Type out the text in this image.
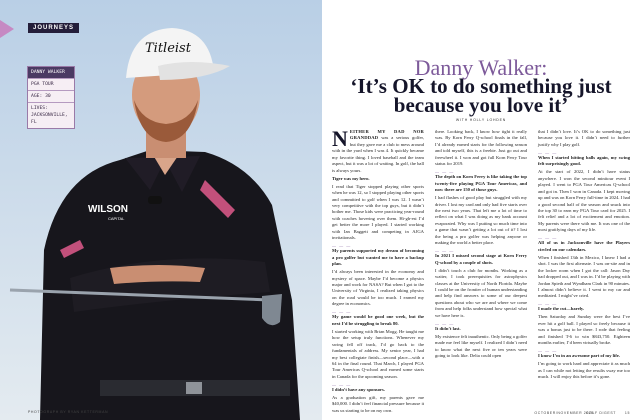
Titleist
WILSON
CAPITAL
JOURNEYS
DANNY WALKER
PGA TOUR
AGE: 30
LIVES: JACKSONVILLE, FL
PHOTOGRAPH BY RYAN KETTERMAN
Danny Walker:
‘It’s OK to do something just
because you love it’
WITH HOLLY LOHDEN

NEITHER MY DAD NOR GRANDDAD was a serious golfer, but they gave me a club to mess around with in the yard when I was 4. It quickly became my favorite thing. I loved baseball and the team aspect, but it was a lot of waiting. In golf, the ball is always yours.

Tiger was my hero.

I read that Tiger stopped playing other sports when he was 12, so I stopped playing other sports and committed to golf when I was 12. I wasn’t very competitive with the top guys, but it didn’t bother me. Those kids were practicing year-round with coaches hovering over them. Hi-gh-est I’d get better the more I played. I started working with Ian Baggett and competing in AJGA invitationals.

— — —

My parents supported my dream of becoming a pro golfer but wanted me to have a backup plan.

I’d always been interested in the economy and mystery of space. Maybe I’d become a physics major and work for NASA? But when I got to the University of Virginia, I realized taking physics on the road would be too much. I earned my degree in economics.

— — —

My game would be good one week, but the next I’d be struggling to break 80.

I started working with Brian Mogg. He taught me how the setup truly functions. Whenever my swing fell off track, I’d go back to the fundamentals of address. My senior year, I had my best collegiate finish—second place—with a 64 in the final round. That March, I played PGA Tour Americas Q-school and earned some starts in Canada for the upcoming season.

— — —

I didn’t have any sponsors.

As a graduation gift, my parents gave me $40,000. I didn’t feel financial pressure because it was us starting to be on my own.

there. Looking back, I know how tight it really was. By Korn Ferry Q-school finals in the fall, I’d already earned starts for the following season and told myself, this is a freebie. Just go out and freewheel it. I won and got full Korn Ferry Tour status for 2019.

— — —

The depth on Korn Ferry is like taking the top twenty-five playing PGA Tour Americas, and now there are 150 of those guys.

I had flashes of good play but struggled with my driver. I lost my card and only had five starts over the next two years. That left me a lot of time to reflect on what I was doing as my bank account evaporated. Why was I putting so much time into a game that wasn’t getting a lot out of it? I lost the being a pro golfer was helping anyone or making the world a better place.

— — —

In 2021 I missed second stage at Korn Ferry Q-school by a couple of shots.

I didn’t touch a club for months. Working as a waiter, I took prerequisites for astrophysics classes at the University of North Florida. Maybe I could be on the frontier of human understanding and help find answers to some of our deepest questions about who we are and where we come from and help folks understand how special what we have here is.

— — —

It didn’t last.

My existence felt inauthentic. Only being a golfer made me feel like myself. I realized I didn’t need to know what the next five or ten years were going to look like. Delta could open

that I didn’t love. It’s OK to do something just because you love it. I didn’t need to further justify why I play golf.

— — —

When I started hitting balls again, my swing felt surprisingly good.

At the start of 2022, I didn’t have status anywhere. I won the second minitour event I played. I went to PGA Tour Americas Q-school and got in. Then I won in Canada. I kept moving up and was on Korn Ferry full-time in 2024. I had a good second half of the season and snuck into the top 30 to earn my PGA Tour card for 2025. I felt relief and a lot of excitement and emotion. My parents were there with me. It was one of the most gratifying days of my life.

— — —

All of us in Jacksonville have the Players circled on our calendars.

When I finished 13th in Mexico, I knew I had a shot. I was the first alternate. I was on-site and in the locker room when I got the call: Jason Day had dropped out, and I was in. I’d be playing with Jordan Spieth and Wyndham Clark in 90 minutes. I almost didn’t believe it. I went to my car and meditated. I might’ve cried.

— — —

I made the cut—barely.

Then Saturday and Sunday were the best I’ve ever hit a golf ball. I played so freely because it was a bonus just to be there. I rode that feeling and finished T-6 to win $843,750. Eighteen months earlier, I’d been virtually broke.

— — —

I know I’m in an awesome part of my life.

I’m going to work hard and appreciate it as much as I can while not letting the results sway me too much. I will enjoy this before it’s gone.

OCTOBER/NOVEMBER 2025
GOLF DIGEST	15
